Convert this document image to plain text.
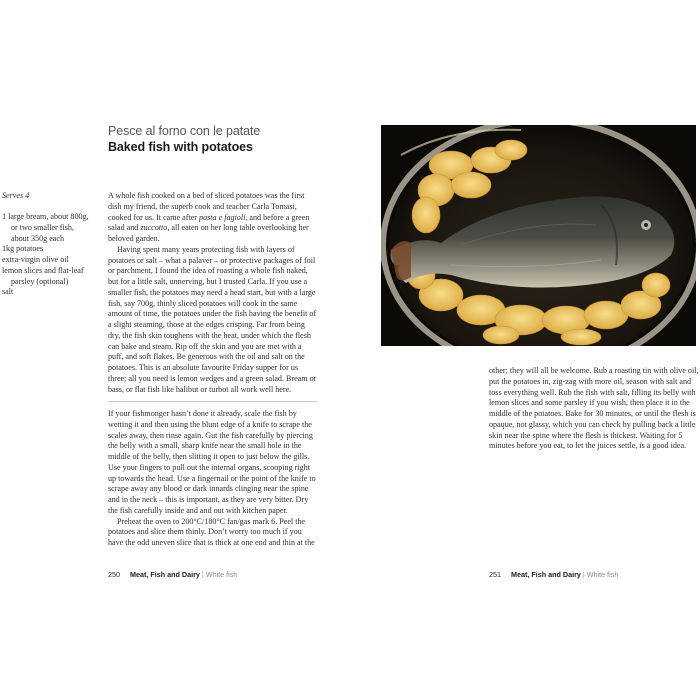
Pesce al forno con le patate
Baked fish with potatoes
Serves 4
1 large bream, about 800g,
or two smaller fish,
about 350g each
1kg potatoes
extra-virgin olive oil
lemon slices and flat-leaf
parsley (optional)
salt

A whole fish cooked on a bed of sliced potatoes was the first dish my friend, the superb cook and teacher Carla Tomasi, cooked for us. It came after pasta e fagioli, and before a green salad and zuccotto, all eaten on her long table overlooking her beloved garden.

Having spent many years protecting fish with layers of potatoes or salt – what a palaver – or protective packages of foil or parchment, I found the idea of roasting a whole fish naked, but for a little salt, unnerving, but I trusted Carla. If you use a smaller fish, the potatoes may need a head start, but with a large fish, say 700g, thinly sliced potatoes will cook in the same amount of time, the potatoes under the fish having the benefit of a slight steaming, those at the edges crisping. Far from being dry, the fish skin toughens with the heat, under which the flesh can bake and steam. Rip off the skin and you are met with a puff, and soft flakes. Be generous with the oil and salt on the potatoes. This is an absolute favourite Friday supper for us three; all you need is lemon wedges and a green salad. Bream or bass, or flat fish like halibut or turbot all work well here.

If your fishmonger hasn’t done it already, scale the fish by wetting it and then using the blunt edge of a knife to scrape the scales away, then rinse again. Gut the fish carefully by piercing the belly with a small, sharp knife near the small hole in the middle of the belly, then slitting it open to just below the gills. Use your fingers to pull out the internal organs, scooping right up towards the head. Use a fingernail or the point of the knife to scrape away any blood or dark innards clinging near the spine and in the neck – this is important, as they are very bitter. Dry the fish carefully inside and and out with kitchen paper.

Preheat the oven to 200°C/180°C fan/gas mark 6. Peel the potatoes and slice them thinly. Don’t worry too much if you have the odd uneven slice that is thick at one end and thin at the

other; they will all be welcome. Rub a roasting tin with olive oil, put the potatoes in, zig-zag with more oil, season with salt and toss everything well. Rub the fish with salt, filling its belly with lemon slices and some parsley if you wish, then place it in the middle of the potatoes. Bake for 30 minutes, or until the flesh is opaque, not glassy, which you can check by pulling back a little skin near the spine where the flesh is thickest. Waiting for 5 minutes before you eat, to let the juices settle, is a good idea.

250 Meat, Fish and Dairy | White fish	251 Meat, Fish and Dairy | White fish
